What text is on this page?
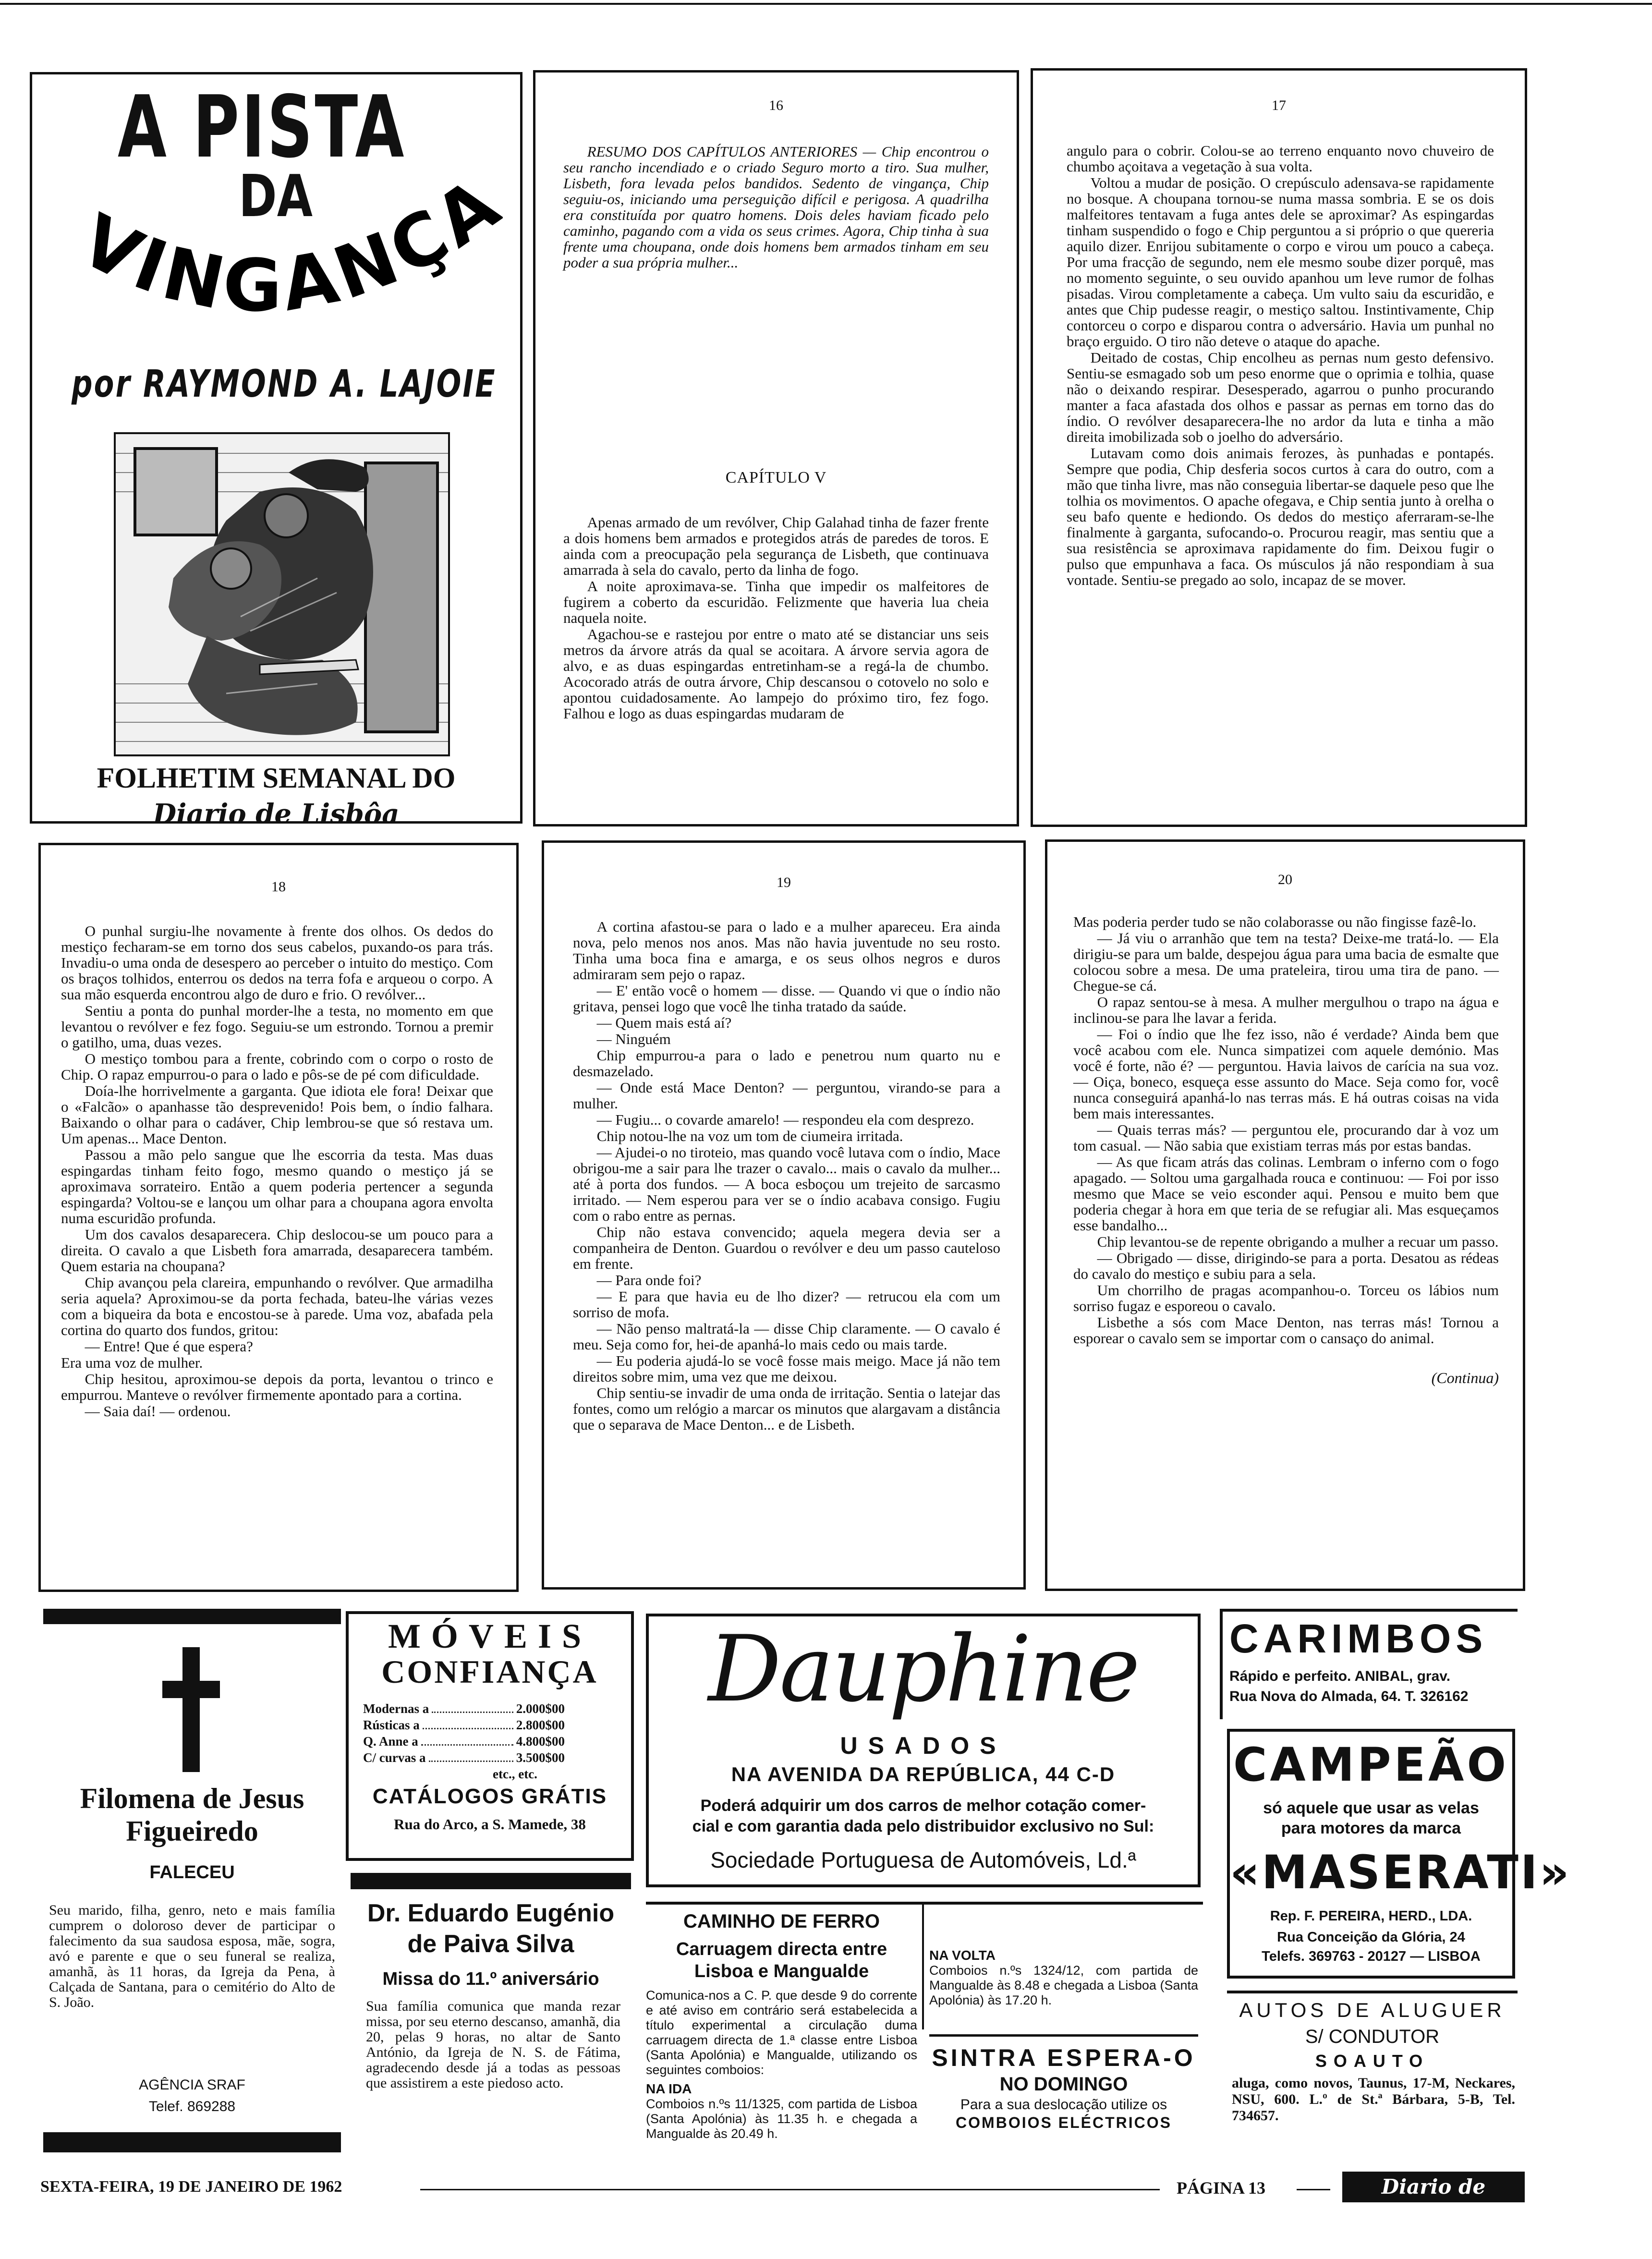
A PISTA
DA
VINGANÇ
por RAYMOND A. LAJOIE
FOLHETIM SEMANAL DO
Diario de Lisbôa
16

RESUMO DOS CAPÍTULOS ANTERIORES — Chip encontrou o seu rancho incendiado e o criado Seguro morto a tiro. Sua mulher, Lisbeth, fora levada pelos bandidos. Sedento de vingança, Chip seguiu-os, iniciando uma perseguição difícil e perigosa. A quadrilha era constituída por quatro homens. Dois deles haviam ficado pelo caminho, pagando com a vida os seus crimes. Agora, Chip tinha à sua frente uma choupana, onde dois homens bem armados tinham em seu poder a sua própria mulher...

CAPÍTULO V

Apenas armado de um revólver, Chip Galahad tinha de fazer frente a dois homens bem armados e protegidos atrás de paredes de toros. E ainda com a preocupação pela segurança de Lisbeth, que continuava amarrada à sela do cavalo, perto da linha de fogo.

A noite aproximava-se. Tinha que impedir os malfeitores de fugirem a coberto da escuridão. Felizmente que haveria lua cheia naquela noite.

Agachou-se e rastejou por entre o mato até se distanciar uns seis metros da árvore atrás da qual se acoitara. A árvore servia agora de alvo, e as duas espingardas entretinham-se a regá-la de chumbo. Acocorado atrás de outra árvore, Chip descansou o cotovelo no solo e apontou cuidadosamente. Ao lampejo do próximo tiro, fez fogo. Falhou e logo as duas espingardas mudaram de

17

angulo para o cobrir. Colou-se ao terreno enquanto novo chuveiro de chumbo açoitava a vegetação à sua volta.

Voltou a mudar de posição. O crepúsculo adensava-se rapidamente no bosque. A choupana tornou-se numa massa sombria. E se os dois malfeitores tentavam a fuga antes dele se aproximar? As espingardas tinham suspendido o fogo e Chip perguntou a si próprio o que quereria aquilo dizer. Enrijou subitamente o corpo e virou um pouco a cabeça. Por uma fracção de segundo, nem ele mesmo soube dizer porquê, mas no momento seguinte, o seu ouvido apanhou um leve rumor de folhas pisadas. Virou completamente a cabeça. Um vulto saiu da escuridão, e antes que Chip pudesse reagir, o mestiço saltou. Instintivamente, Chip contorceu o corpo e disparou contra o adversário. Havia um punhal no braço erguido. O tiro não deteve o ataque do apache.

Deitado de costas, Chip encolheu as pernas num gesto defensivo. Sentiu-se esmagado sob um peso enorme que o oprimia e tolhia, quase não o deixando respirar. Desesperado, agarrou o punho procurando manter a faca afastada dos olhos e passar as pernas em torno das do índio. O revólver desaparecera-lhe no ardor da luta e tinha a mão direita imobilizada sob o joelho do adversário.

Lutavam como dois animais ferozes, às punhadas e pontapés. Sempre que podia, Chip desferia socos curtos à cara do outro, com a mão que tinha livre, mas não conseguia libertar-se daquele peso que lhe tolhia os movimentos. O apache ofegava, e Chip sentia junto à orelha o seu bafo quente e hediondo. Os dedos do mestiço aferraram-se-lhe finalmente à garganta, sufocando-o. Procurou reagir, mas sentiu que a sua resistência se aproximava rapidamente do fim. Deixou fugir o pulso que empunhava a faca. Os músculos já não respondiam à sua vontade. Sentiu-se pregado ao solo, incapaz de se mover.

18

O punhal surgiu-lhe novamente à frente dos olhos. Os dedos do mestiço fecharam-se em torno dos seus cabelos, puxando-os para trás. Invadiu-o uma onda de desespero ao perceber o intuito do mestiço. Com os braços tolhidos, enterrou os dedos na terra fofa e arqueou o corpo. A sua mão esquerda encontrou algo de duro e frio. O revólver...

Sentiu a ponta do punhal morder-lhe a testa, no momento em que levantou o revólver e fez fogo. Seguiu-se um estrondo. Tornou a premir o gatilho, uma, duas vezes.

O mestiço tombou para a frente, cobrindo com o corpo o rosto de Chip. O rapaz empurrou-o para o lado e pôs-se de pé com dificuldade.

Doía-lhe horrivelmente a garganta. Que idiota ele fora! Deixar que o «Falcão» o apanhasse tão desprevenido! Pois bem, o índio falhara. Baixando o olhar para o cadáver, Chip lembrou-se que só restava um. Um apenas... Mace Denton.

Passou a mão pelo sangue que lhe escorria da testa. Mas duas espingardas tinham feito fogo, mesmo quando o mestiço já se aproximava sorrateiro. Então a quem poderia pertencer a segunda espingarda? Voltou-se e lançou um olhar para a choupana agora envolta numa escuridão profunda.

Um dos cavalos desaparecera. Chip deslocou-se um pouco para a direita. O cavalo a que Lisbeth fora amarrada, desaparecera também. Quem estaria na choupana?

Chip avançou pela clareira, empunhando o revólver. Que armadilha seria aquela? Aproximou-se da porta fechada, bateu-lhe várias vezes com a biqueira da bota e encostou-se à parede. Uma voz, abafada pela cortina do quarto dos fundos, gritou:

— Entre! Que é que espera?

Era uma voz de mulher.

Chip hesitou, aproximou-se depois da porta, levantou o trinco e empurrou. Manteve o revólver firmemente apontado para a cortina.

— Saia daí! — ordenou.

19

A cortina afastou-se para o lado e a mulher apareceu. Era ainda nova, pelo menos nos anos. Mas não havia juventude no seu rosto. Tinha uma boca fina e amarga, e os seus olhos negros e duros admiraram sem pejo o rapaz.

— E' então você o homem — disse. — Quando vi que o índio não gritava, pensei logo que você lhe tinha tratado da saúde.

— Quem mais está aí?

— Ninguém

Chip empurrou-a para o lado e penetrou num quarto nu e desmazelado.

— Onde está Mace Denton? — perguntou, virando-se para a mulher.

— Fugiu... o covarde amarelo! — respondeu ela com desprezo.

Chip notou-lhe na voz um tom de ciumeira irritada.

— Ajudei-o no tiroteio, mas quando você lutava com o índio, Mace obrigou-me a sair para lhe trazer o cavalo... mais o cavalo da mulher... até à porta dos fundos. — A boca esboçou um trejeito de sarcasmo irritado. — Nem esperou para ver se o índio acabava consigo. Fugiu com o rabo entre as pernas.

Chip não estava convencido; aquela megera devia ser a companheira de Denton. Guardou o revólver e deu um passo cauteloso em frente.

— Para onde foi?

— E para que havia eu de lho dizer? — retrucou ela com um sorriso de mofa.

— Não penso maltratá-la — disse Chip claramente. — O cavalo é meu. Seja como for, hei-de apanhá-lo mais cedo ou mais tarde.

— Eu poderia ajudá-lo se você fosse mais meigo. Mace já não tem direitos sobre mim, uma vez que me deixou.

Chip sentiu-se invadir de uma onda de irritação. Sentia o latejar das fontes, como um relógio a marcar os minutos que alargavam a distância que o separava de Mace Denton... e de Lisbeth.

20

Mas poderia perder tudo se não colaborasse ou não fingisse fazê-lo.

— Já viu o arranhão que tem na testa? Deixe-me tratá-lo. — Ela dirigiu-se para um balde, despejou água para uma bacia de esmalte que colocou sobre a mesa. De uma prateleira, tirou uma tira de pano. — Chegue-se cá.

O rapaz sentou-se à mesa. A mulher mergulhou o trapo na água e inclinou-se para lhe lavar a ferida.

— Foi o índio que lhe fez isso, não é verdade? Ainda bem que você acabou com ele. Nunca simpatizei com aquele demónio. Mas você é forte, não é? — perguntou. Havia laivos de carícia na sua voz. — Oiça, boneco, esqueça esse assunto do Mace. Seja como for, você nunca conseguirá apanhá-lo nas terras más. E há outras coisas na vida bem mais interessantes.

— Quais terras más? — perguntou ele, procurando dar à voz um tom casual. — Não sabia que existiam terras más por estas bandas.

— As que ficam atrás das colinas. Lembram o inferno com o fogo apagado. — Soltou uma gargalhada rouca e continuou: — Foi por isso mesmo que Mace se veio esconder aqui. Pensou e muito bem que poderia chegar à hora em que teria de se refugiar ali. Mas esqueçamos esse bandalho...

Chip levantou-se de repente obrigando a mulher a recuar um passo.

— Obrigado — disse, dirigindo-se para a porta. Desatou as rédeas do cavalo do mestiço e subiu para a sela.

Um chorrilho de pragas acompanhou-o. Torceu os lábios num sorriso fugaz e esporeou o cavalo.

Lisbethe a sós com Mace Denton, nas terras más! Tornou a esporear o cavalo sem se importar com o cansaço do animal.

(Continua)
Filomena de Jesus
Figueiredo
FALECEU
Seu marido, filha, genro, neto e mais família cumprem o doloroso dever de participar o falecimento da sua saudosa esposa, mãe, sogra, avó e parente e que o seu funeral se realiza, amanhã, às 11 horas, da Igreja da Pena, à Calçada de Santana, para o cemitério do Alto de S. João.
AGÊNCIA SRAF
Telef. 869288
MÓVEIS
CONFIANÇA
Modernas a	2.000$00
Rústicas a	2.800$00
Q. Anne a	4.800$00
C/ curvas a	3.500$00
etc., etc.
CATÁLOGOS GRÁTIS
Rua do Arco, a S. Mamede, 38
Dr. Eduardo Eugénio
de Paiva Silva
Missa do 11.º aniversário
Sua família comunica que manda rezar missa, por seu eterno descanso, amanhã, dia 20, pelas 9 horas, no altar de Santo António, da Igreja de N. S. de Fátima, agradecendo desde já a todas as pessoas que assistirem a este piedoso acto.
Dauphine
USADOS
NA AVENIDA DA REPÚBLICA, 44 C-D
Poderá adquirir um dos carros de melhor cotação comer-
cial e com garantia dada pelo distribuidor exclusivo no Sul:
Sociedade Portuguesa de Automóveis, Ld.ª
CAMINHO DE FERRO
Carruagem directa entre
Lisboa e Mangualde
Comunica-nos a C. P. que desde 9 do corrente e até aviso em contrário será estabelecida a título experimental a circulação duma carruagem directa de 1.ª classe entre Lisboa (Santa Apolónia) e Mangualde, utilizando os seguintes comboios:
NA IDA
Comboios n.ºs 11/1325, com partida de Lisboa (Santa Apolónia) às 11.35 h. e chegada a Mangualde às 20.49 h.
NA VOLTA
Comboios n.ºs 1324/12, com partida de Mangualde às 8.48 e chegada a Lisboa (Santa Apolónia) às 17.20 h.
SINTRA ESPERA-O
NO DOMINGO
Para a sua deslocação utilize os
COMBOIOS ELÉCTRICOS
CARIMBOS
Rápido e perfeito. ANIBAL, grav.
Rua Nova do Almada, 64. T. 326162
CAMPEÃO
só aquele que usar as velas
para motores da marca
«MASERATI»
Rep. F. PEREIRA, HERD., LDA.
Rua Conceição da Glória, 24
Telefs. 369763 - 20127 — LISBOA
AUTOS DE ALUGUER
S/ CONDUTOR
SOAUTO
aluga, como novos, Taunus, 17-M, Neckares, NSU, 600. L.º de St.ª Bárbara, 5-B, Tel. 734657.
SEXTA-FEIRA, 19 DE JANEIRO DE 1962	PÁGINA 13	Diario de Lisbôa
